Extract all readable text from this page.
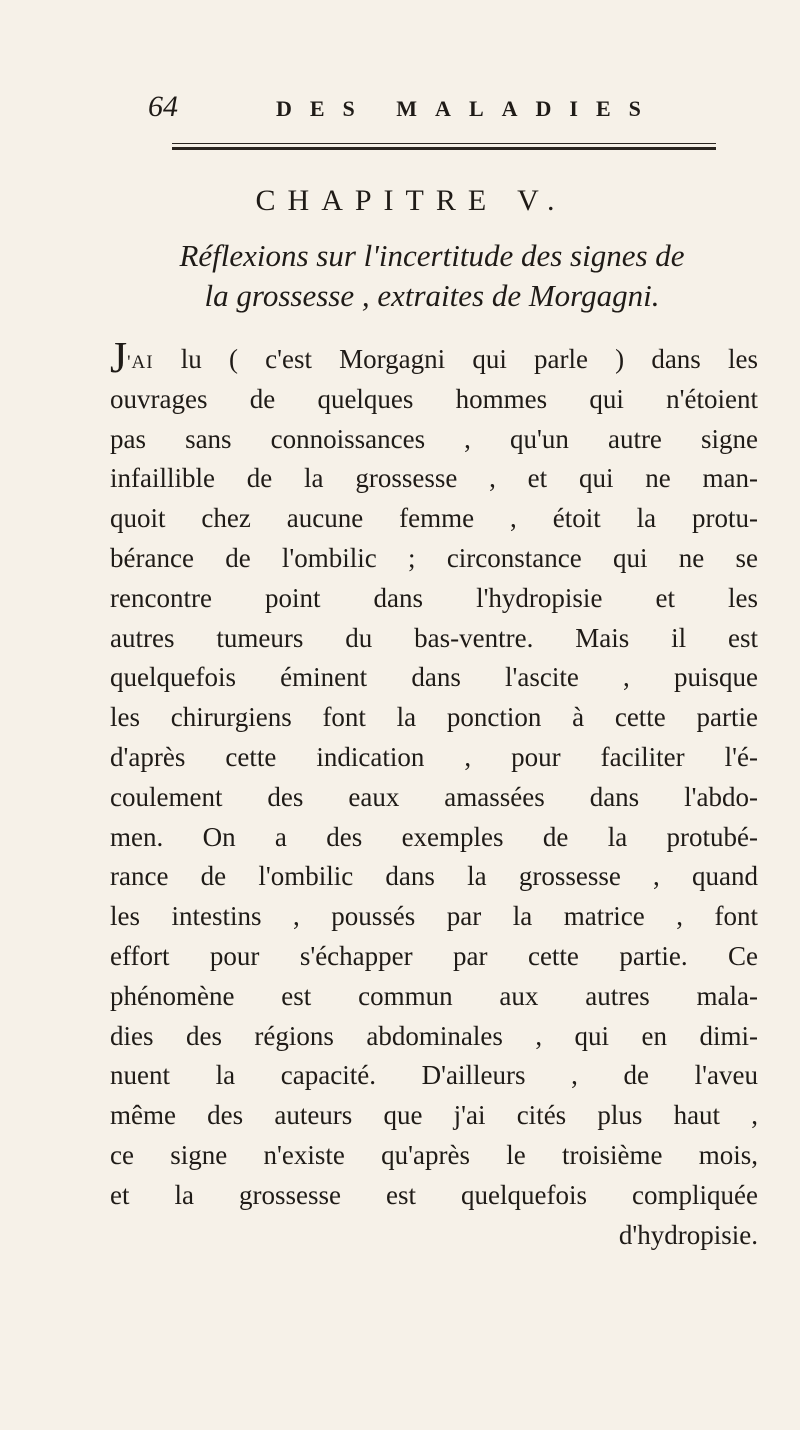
64	DES MALADIES
CHAPITRE V.
Réflexions sur l'incertitude des signes de
la grossesse , extraites de Morgagni.
J'AI lu ( c'est Morgagni qui parle ) dans les
ouvrages de quelques hommes qui n'étoient
pas sans connoissances , qu'un autre signe
infaillible de la grossesse , et qui ne man-
quoit chez aucune femme , étoit la protu-
bérance de l'ombilic ; circonstance qui ne se
rencontre point dans l'hydropisie et les
autres tumeurs du bas-ventre. Mais il est
quelquefois éminent dans l'ascite , puisque
les chirurgiens font la ponction à cette partie
d'après cette indication , pour faciliter l'é-
coulement des eaux amassées dans l'abdo-
men. On a des exemples de la protubé-
rance de l'ombilic dans la grossesse , quand
les intestins , poussés par la matrice , font
effort pour s'échapper par cette partie. Ce
phénomène est commun aux autres mala-
dies des régions abdominales , qui en dimi-
nuent la capacité. D'ailleurs , de l'aveu
même des auteurs que j'ai cités plus haut ,
ce signe n'existe qu'après le troisième mois,
et la grossesse est quelquefois compliquée
d'hydropisie.
